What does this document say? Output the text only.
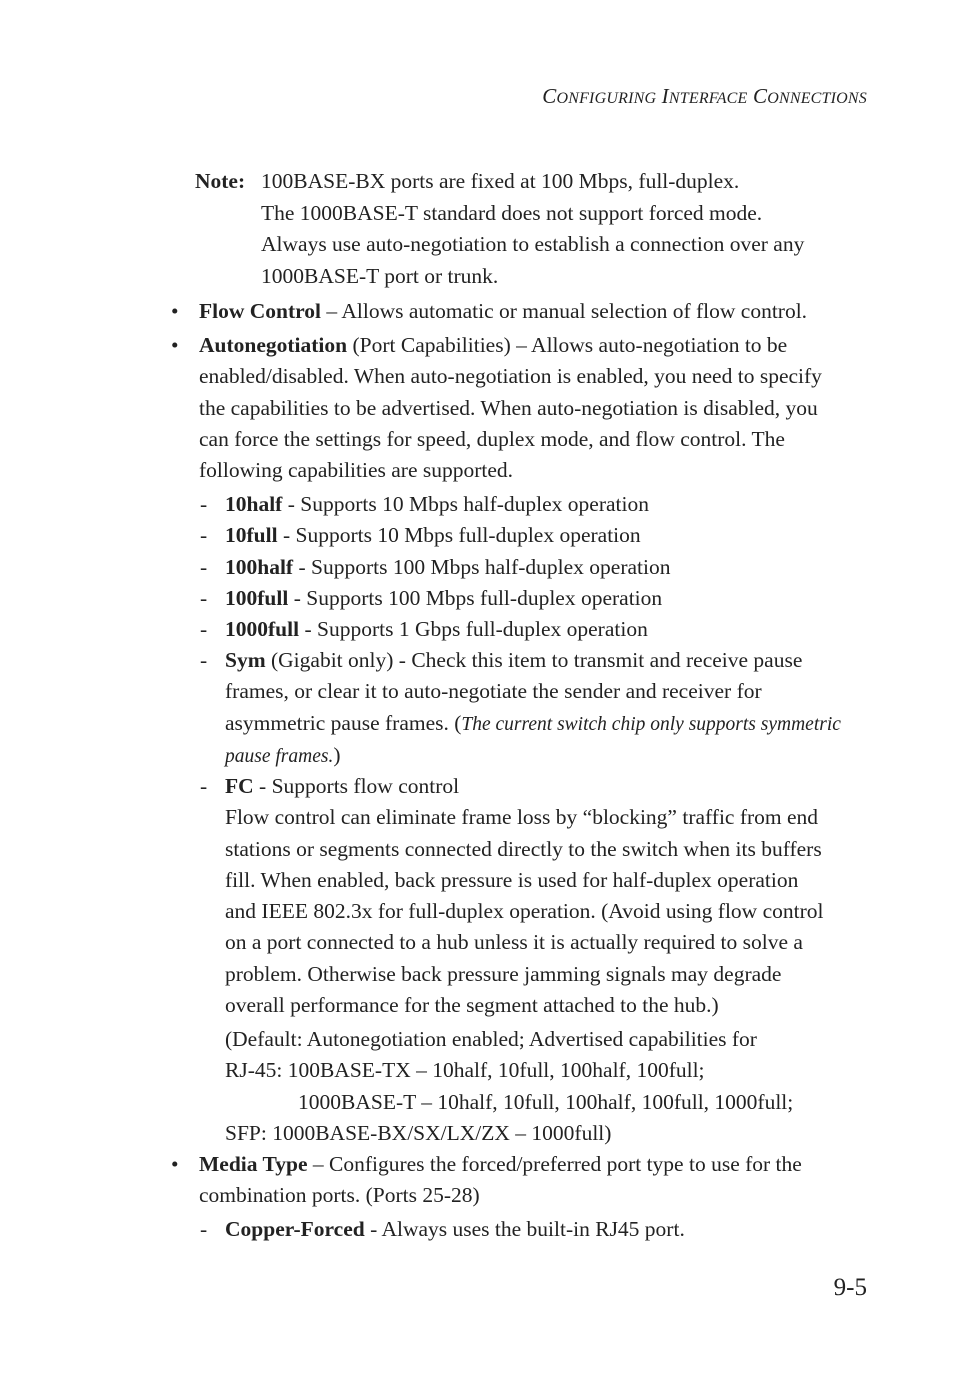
CONFIGURING INTERFACE CONNECTIONS
Note: 100BASE-BX ports are fixed at 100 Mbps, full-duplex.
The 1000BASE-T standard does not support forced mode.
Always use auto-negotiation to establish a connection over any
1000BASE-T port or trunk.
• Flow Control – Allows automatic or manual selection of flow control.
• Autonegotiation (Port Capabilities) – Allows auto-negotiation to be
enabled/disabled. When auto-negotiation is enabled, you need to specify
the capabilities to be advertised. When auto-negotiation is disabled, you
can force the settings for speed, duplex mode, and flow control. The
following capabilities are supported.
- 10half - Supports 10 Mbps half-duplex operation
- 10full - Supports 10 Mbps full-duplex operation
- 100half - Supports 100 Mbps half-duplex operation
- 100full - Supports 100 Mbps full-duplex operation
- 1000full - Supports 1 Gbps full-duplex operation
- Sym (Gigabit only) - Check this item to transmit and receive pause
frames, or clear it to auto-negotiate the sender and receiver for
asymmetric pause frames. (The current switch chip only supports symmetric
pause frames.)
- FC - Supports flow control
Flow control can eliminate frame loss by “blocking” traffic from end
stations or segments connected directly to the switch when its buffers
fill. When enabled, back pressure is used for half-duplex operation
and IEEE 802.3x for full-duplex operation. (Avoid using flow control
on a port connected to a hub unless it is actually required to solve a
problem. Otherwise back pressure jamming signals may degrade
overall performance for the segment attached to the hub.)
(Default: Autonegotiation enabled; Advertised capabilities for
RJ-45: 100BASE-TX – 10half, 10full, 100half, 100full;
1000BASE-T – 10half, 10full, 100half, 100full, 1000full;
SFP: 1000BASE-BX/SX/LX/ZX – 1000full)
• Media Type – Configures the forced/preferred port type to use for the
combination ports. (Ports 25-28)
- Copper-Forced - Always uses the built-in RJ45 port.
9-5
